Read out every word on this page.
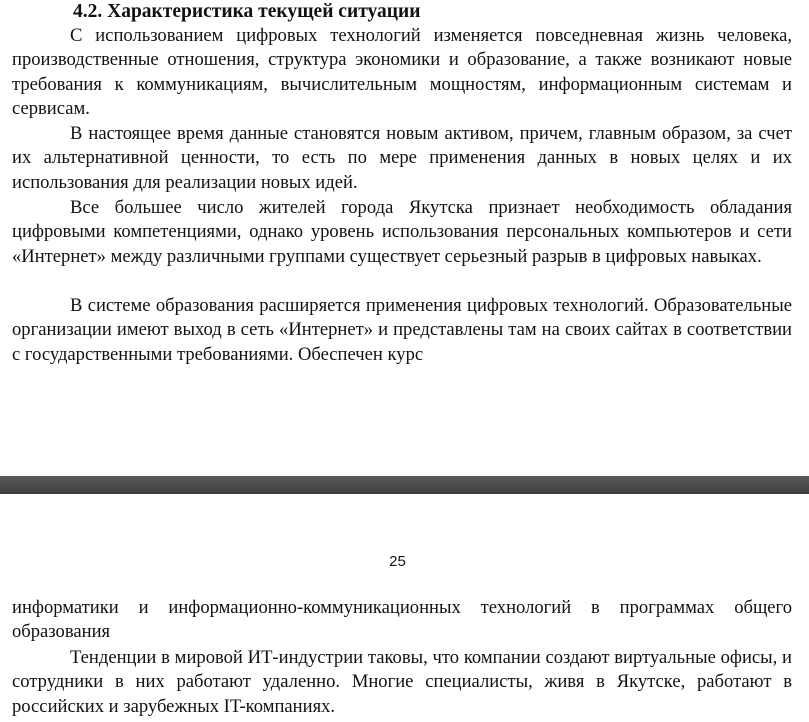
4.2. Характеристика текущей ситуации

С использованием цифровых технологий изменяется повседневная жизнь человека, производственные отношения, структура экономики и образование, а также возникают новые требования к коммуникациям, вычислительным мощностям, информационным системам и сервисам.

В настоящее время данные становятся новым активом, причем, главным образом, за счет их альтернативной ценности, то есть по мере применения данных в новых целях и их использования для реализации новых идей.

Все большее число жителей города Якутска признает необходимость обладания цифровыми компетенциями, однако уровень использования персональных компьютеров и сети «Интернет» между различными группами существует серьезный разрыв в цифровых навыках.

В системе образования расширяется применения цифровых технологий. Образовательные организации имеют выход в сеть «Интернет» и представлены там на своих сайтах в соответствии с государственными требованиями. Обеспечен курс

25

информатики и информационно-коммуникационных технологий в программах общего образования

Тенденции в мировой ИТ-индустрии таковы, что компании создают виртуальные офисы, и сотрудники в них работают удаленно. Многие специалисты, живя в Якутске, работают в российских и зарубежных IT-компаниях.
